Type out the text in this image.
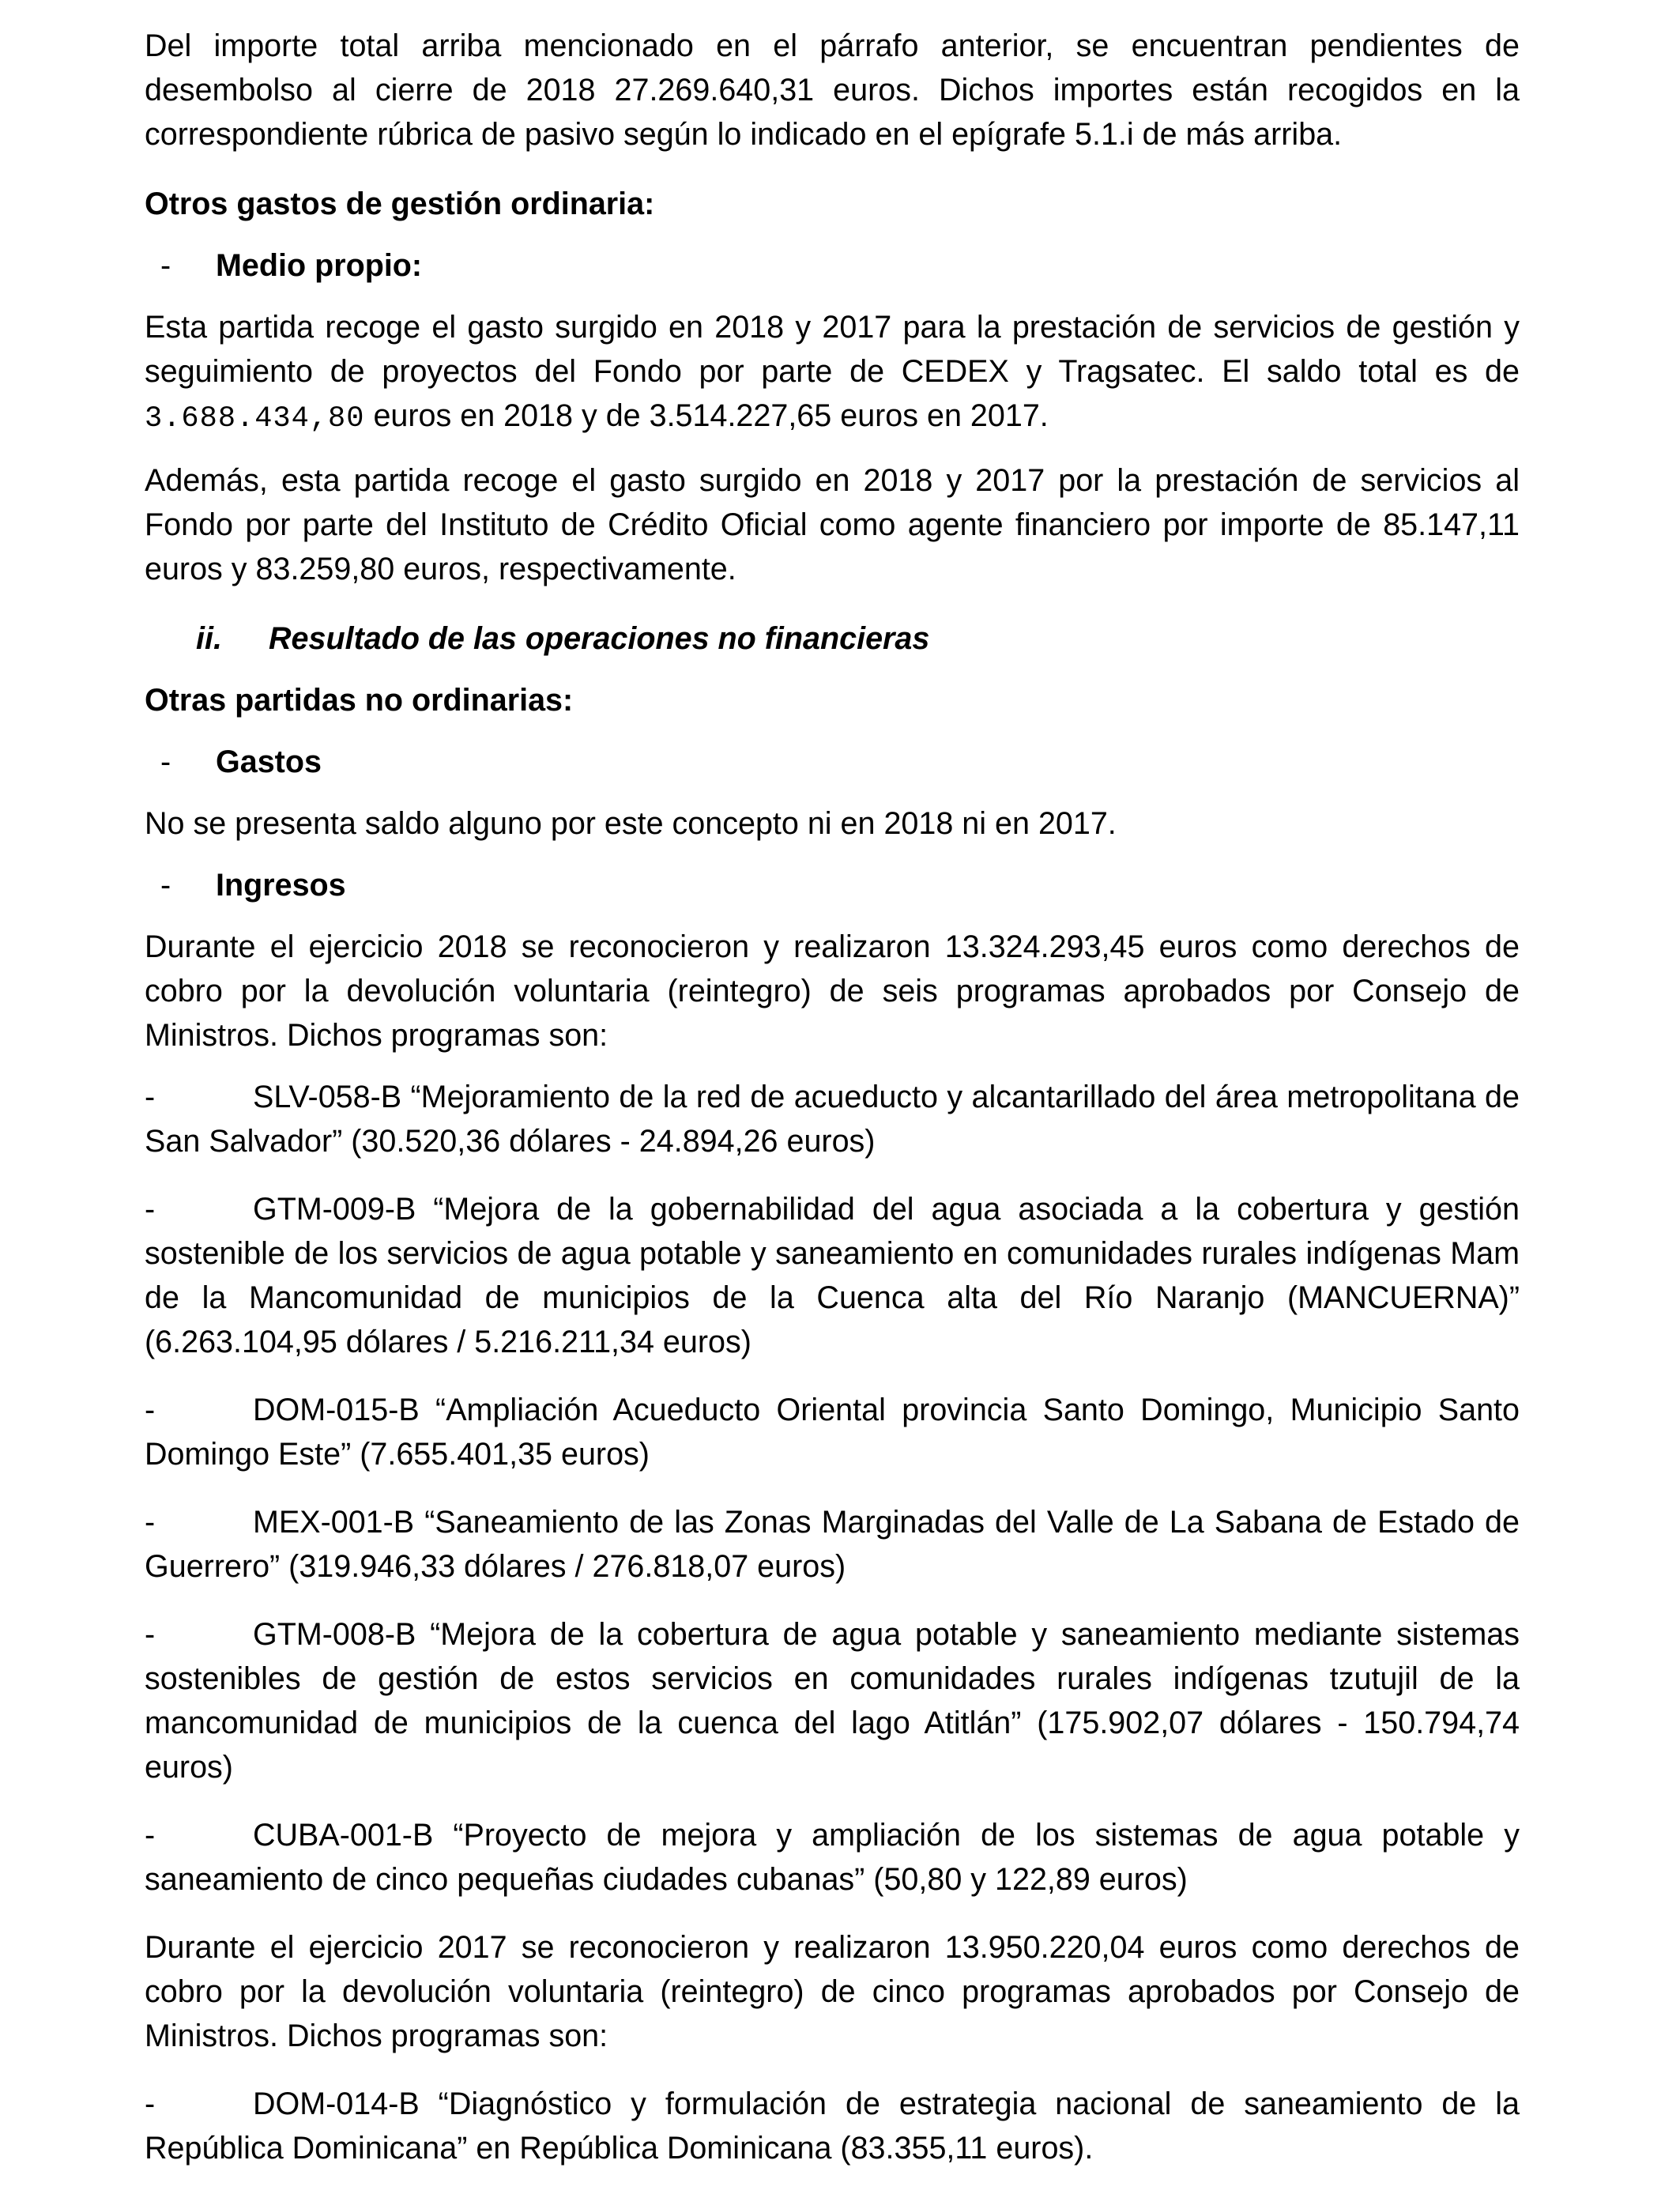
Del importe total arriba mencionado en el párrafo anterior, se encuentran pendientes de desembolso al cierre de 2018 27.269.640,31 euros. Dichos importes están recogidos en la correspondiente rúbrica de pasivo según lo indicado en el epígrafe 5.1.i de más arriba.

Otros gastos de gestión ordinaria:
- Medio propio:

Esta partida recoge el gasto surgido en 2018 y 2017 para la prestación de servicios de gestión y seguimiento de proyectos del Fondo por parte de CEDEX y Tragsatec. El saldo total es de 3.688.434,80 euros en 2018 y de 3.514.227,65 euros en 2017.

Además, esta partida recoge el gasto surgido en 2018 y 2017 por la prestación de servicios al Fondo por parte del Instituto de Crédito Oficial como agente financiero por importe de 85.147,11 euros y 83.259,80 euros, respectivamente.

ii.	Resultado de las operaciones no financieras
Otras partidas no ordinarias:
- Gastos

No se presenta saldo alguno por este concepto ni en 2018 ni en 2017.

- Ingresos

Durante el ejercicio 2018 se reconocieron y realizaron 13.324.293,45 euros como derechos de cobro por la devolución voluntaria (reintegro) de seis programas aprobados por Consejo de Ministros. Dichos programas son:

-	SLV-058-B “Mejoramiento de la red de acueducto y alcantarillado del área metropolitana de San Salvador” (30.520,36 dólares - 24.894,26 euros)

-	GTM-009-B “Mejora de la gobernabilidad del agua asociada a la cobertura y gestión sostenible de los servicios de agua potable y saneamiento en comunidades rurales indígenas Mam de la Mancomunidad de municipios de la Cuenca alta del Río Naranjo (MANCUERNA)” (6.263.104,95 dólares / 5.216.211,34 euros)

-	DOM-015-B “Ampliación Acueducto Oriental provincia Santo Domingo, Municipio Santo Domingo Este” (7.655.401,35 euros)

-	MEX-001-B “Saneamiento de las Zonas Marginadas del Valle de La Sabana de Estado de Guerrero” (319.946,33 dólares / 276.818,07 euros)

-	GTM-008-B “Mejora de la cobertura de agua potable y saneamiento mediante sistemas sostenibles de gestión de estos servicios en comunidades rurales indígenas tzutujil de la mancomunidad de municipios de la cuenca del lago Atitlán” (175.902,07 dólares - 150.794,74 euros)

-	CUBA-001-B “Proyecto de mejora y ampliación de los sistemas de agua potable y saneamiento de cinco pequeñas ciudades cubanas” (50,80 y 122,89 euros)

Durante el ejercicio 2017 se reconocieron y realizaron 13.950.220,04 euros como derechos de cobro por la devolución voluntaria (reintegro) de cinco programas aprobados por Consejo de Ministros. Dichos programas son:

-	DOM-014-B “Diagnóstico y formulación de estrategia nacional de saneamiento de la República Dominicana” en República Dominicana (83.355,11 euros).
